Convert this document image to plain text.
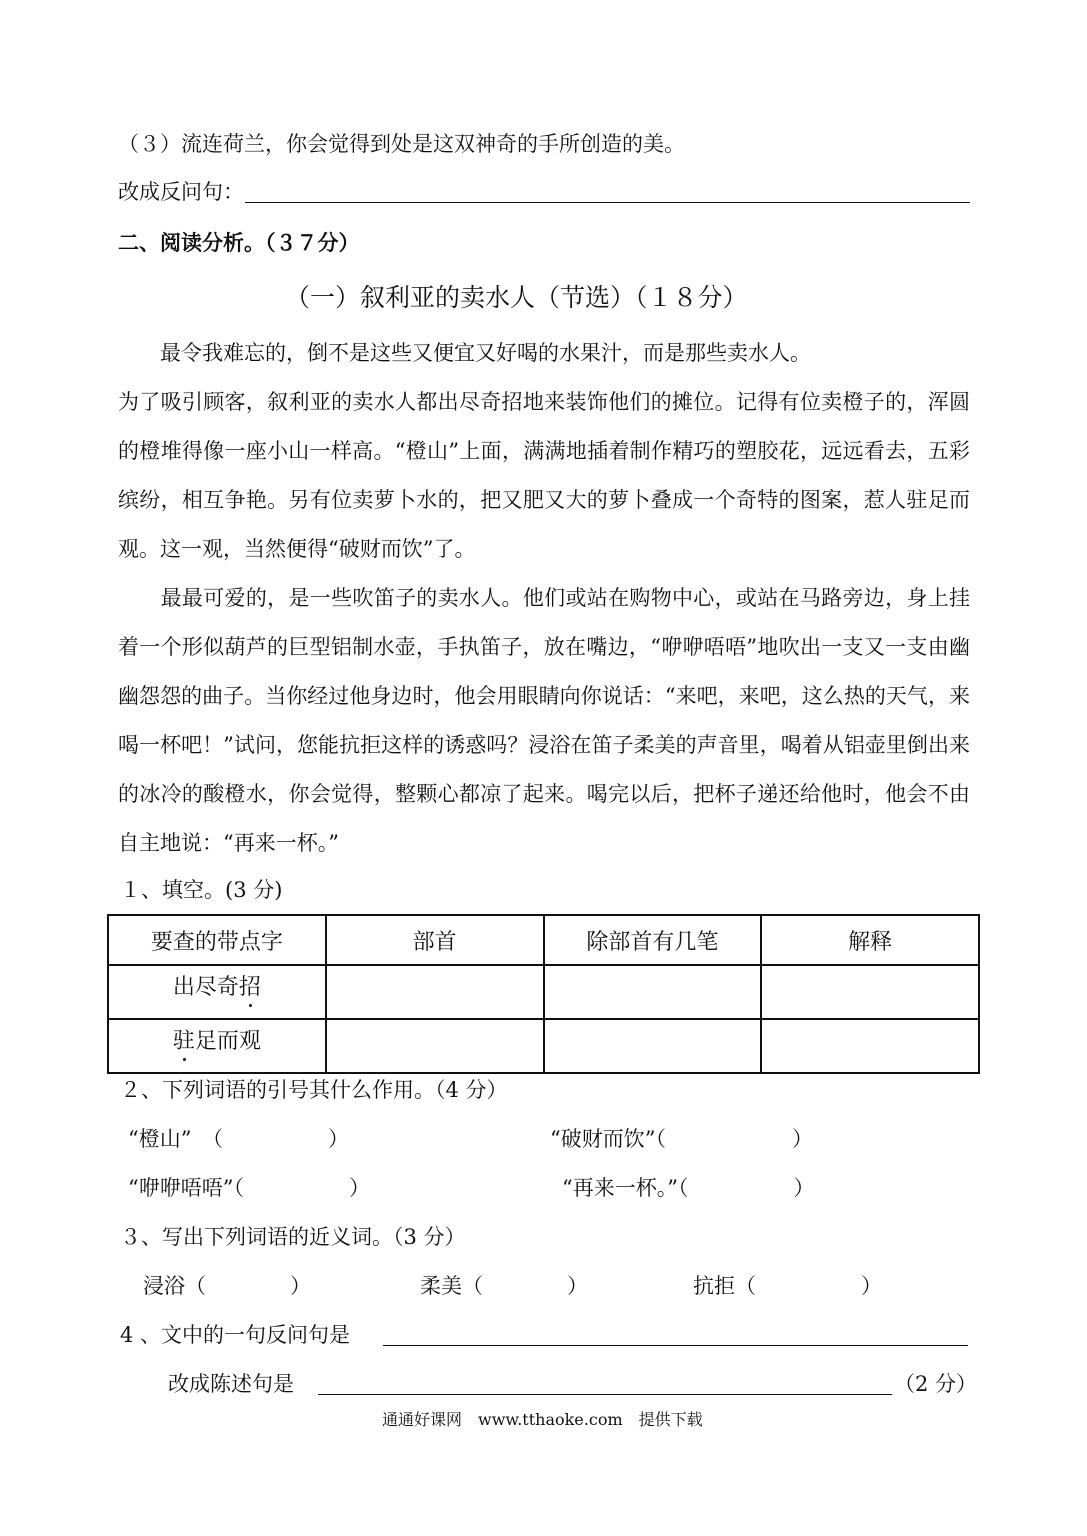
（３）流连荷兰，你会觉得到处是这双神奇的手所创造的美。
改成反问句：
二、阅读分析。（３７分）
（一）叙利亚的卖水人（节选）（１８分）

　　最令我难忘的，倒不是这些又便宜又好喝的水果汁，而是那些卖水人。

为了吸引顾客，叙利亚的卖水人都出尽奇招地来装饰他们的摊位。记得有位卖橙子的，浑圆的橙堆得像一座小山一样高。“橙山”上面，满满地插着制作精巧的塑胶花，远远看去，五彩缤纷，相互争艳。另有位卖萝卜水的，把又肥又大的萝卜叠成一个奇特的图案，惹人驻足而观。这一观，当然便得“破财而饮”了。

　　最最可爱的，是一些吹笛子的卖水人。他们或站在购物中心，或站在马路旁边，身上挂着一个形似葫芦的巨型铝制水壶，手执笛子，放在嘴边，“咿咿唔唔”地吹出一支又一支由幽幽怨怨的曲子。当你经过他身边时，他会用眼睛向你说话：“来吧，来吧，这么热的天气，来喝一杯吧！”试问，您能抗拒这样的诱惑吗？浸浴在笛子柔美的声音里，喝着从铝壶里倒出来的冰冷的酸橙水，你会觉得，整颗心都凉了起来。喝完以后，把杯子递还给他时，他会不由自主地说：“再来一杯。”

１、填空。(3 分)
要查的带点字	部首	除部首有几笔	解释
出尽奇招			
驻足而观			
２、下列词语的引号其什么作用。（4 分）
“橙山”　（　　　　　）	“破财而饮”（　　　　　　）
“咿咿唔唔”（　　　　　）	“再来一杯。”（　　　　　）
３、写出下列词语的近义词。（3 分）
浸浴（　　　　）	柔美（　　　　）	抗拒（　　　　　）
4 、文中的一句反问句是
改成陈述句是	（2 分）
通通好课网　www.tthaoke.com　提供下载
